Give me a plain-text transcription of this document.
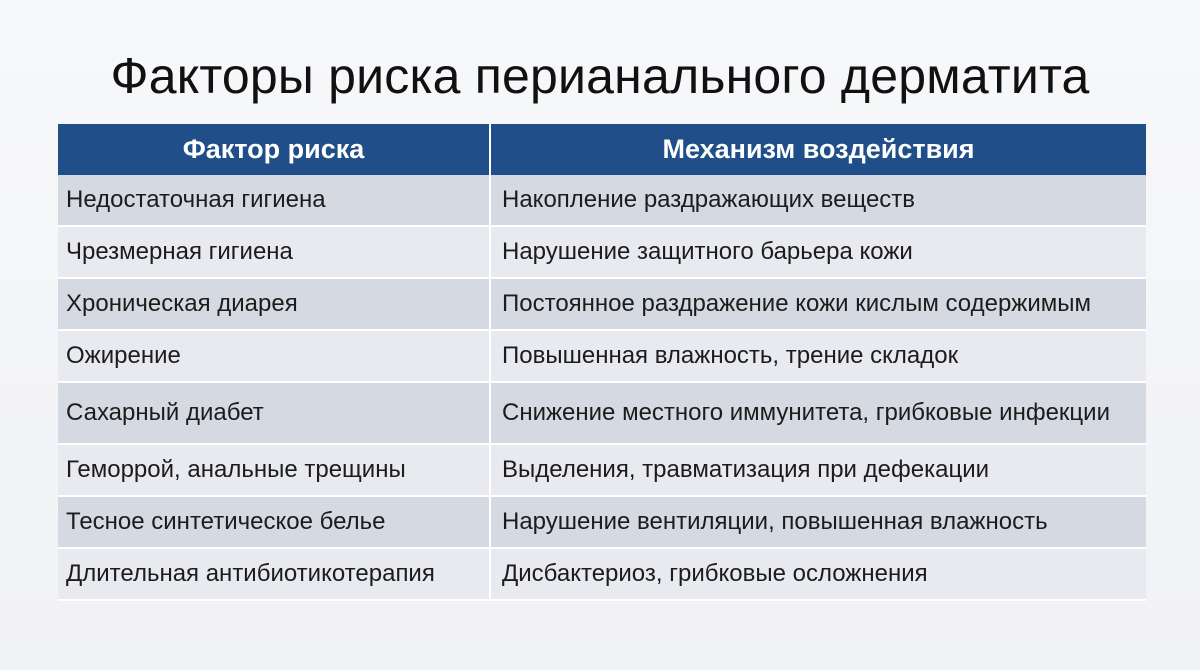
Факторы риска перианального дерматита
Фактор риска	Механизм воздействия
Недостаточная гигиена	Накопление раздражающих веществ
Чрезмерная гигиена	Нарушение защитного барьера кожи
Хроническая диарея	Постоянное раздражение кожи кислым содержимым
Ожирение	Повышенная влажность, трение складок
Сахарный диабет	Снижение местного иммунитета, грибковые инфекции
Геморрой, анальные трещины	Выделения, травматизация при дефекации
Тесное синтетическое белье	Нарушение вентиляции, повышенная влажность
Длительная антибиотикотерапия	Дисбактериоз, грибковые осложнения
